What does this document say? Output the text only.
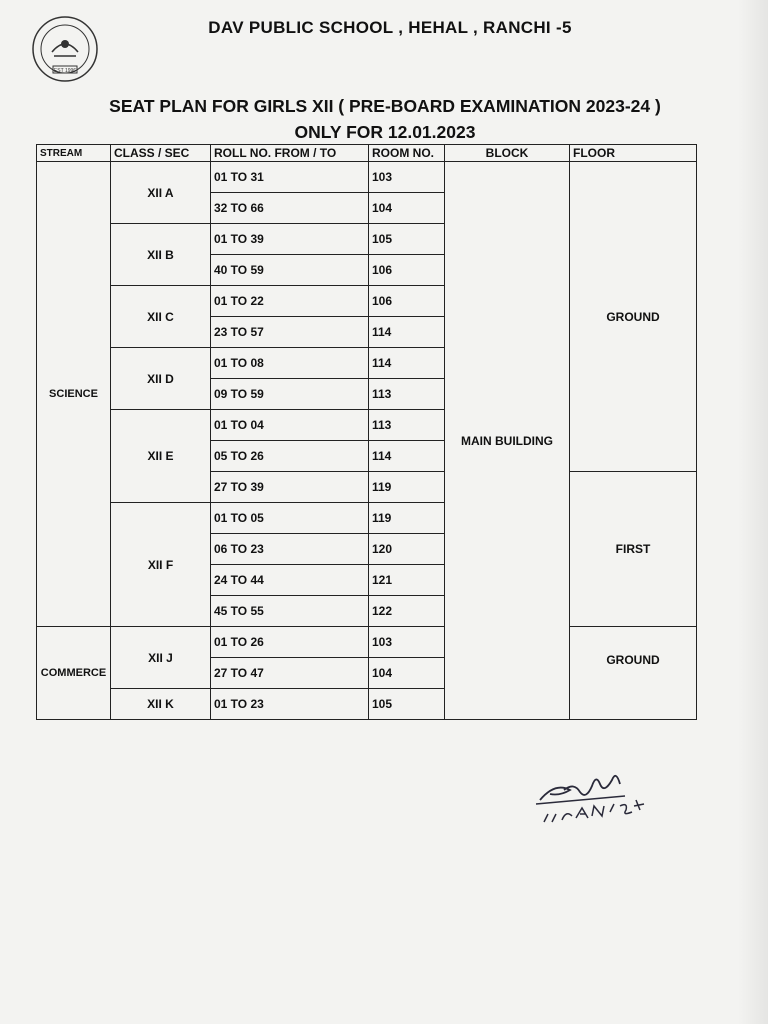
EST 1996
DAV PUBLIC SCHOOL , HEHAL , RANCHI -5
SEAT PLAN FOR GIRLS XII ( PRE-BOARD EXAMINATION 2023-24 )
ONLY FOR 12.01.2023
STREAM	CLASS / SEC	ROLL NO. FROM / TO	ROOM NO.	BLOCK	FLOOR
SCIENCE	XII A	01 TO 31	103	MAIN BUILDING	GROUND
		32 TO 66	104		
	XII B	01 TO 39	105		
		40 TO 59	106		
	XII C	01 TO 22	106		
		23 TO 57	114		
	XII D	01 TO 08	114		
		09 TO 59	113		
	XII E	01 TO 04	113		
		05 TO 26	114		
		27 TO 39	119		FIRST
	XII F	01 TO 05	119		
		06 TO 23	120		
		24 TO 44	121		
		45 TO 55	122		
COMMERCE	XII J	01 TO 26	103		GROUND
		27 TO 47	104		
	XII K	01 TO 23	105		
